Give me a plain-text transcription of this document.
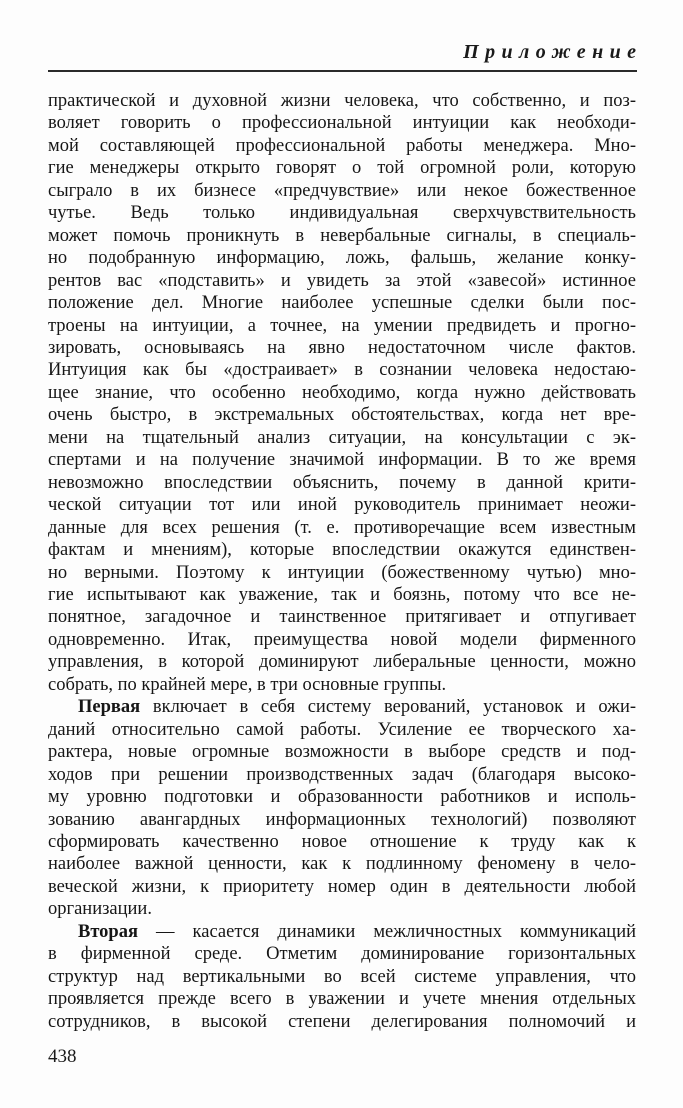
Приложение
практической и духовной жизни человека, что собственно, и поз-
воляет говорить о профессиональной интуиции как необходи-
мой составляющей профессиональной работы менеджера. Мно-
гие менеджеры открыто говорят о той огромной роли, которую
сыграло в их бизнесе «предчувствие» или некое божественное
чутье. Ведь только индивидуальная сверхчувствительность
может помочь проникнуть в невербальные сигналы, в специаль-
но подобранную информацию, ложь, фальшь, желание конку-
рентов вас «подставить» и увидеть за этой «завесой» истинное
положение дел. Многие наиболее успешные сделки были пос-
троены на интуиции, а точнее, на умении предвидеть и прогно-
зировать, основываясь на явно недостаточном числе фактов.
Интуиция как бы «достраивает» в сознании человека недостаю-
щее знание, что особенно необходимо, когда нужно действовать
очень быстро, в экстремальных обстоятельствах, когда нет вре-
мени на тщательный анализ ситуации, на консультации с эк-
спертами и на получение значимой информации. В то же время
невозможно впоследствии объяснить, почему в данной крити-
ческой ситуации тот или иной руководитель принимает неожи-
данные для всех решения (т. е. противоречащие всем известным
фактам и мнениям), которые впоследствии окажутся единствен-
но верными. Поэтому к интуиции (божественному чутью) мно-
гие испытывают как уважение, так и боязнь, потому что все не-
понятное, загадочное и таинственное притягивает и отпугивает
одновременно. Итак, преимущества новой модели фирменного
управления, в которой доминируют либеральные ценности, можно
собрать, по крайней мере, в три основные группы.
Первая включает в себя систему верований, установок и ожи-
даний относительно самой работы. Усиление ее творческого ха-
рактера, новые огромные возможности в выборе средств и под-
ходов при решении производственных задач (благодаря высоко-
му уровню подготовки и образованности работников и исполь-
зованию авангардных информационных технологий) позволяют
сформировать качественно новое отношение к труду как к
наиболее важной ценности, как к подлинному феномену в чело-
веческой жизни, к приоритету номер один в деятельности любой
организации.
Вторая — касается динамики межличностных коммуникаций
в фирменной среде. Отметим доминирование горизонтальных
структур над вертикальными во всей системе управления, что
проявляется прежде всего в уважении и учете мнения отдельных
сотрудников, в высокой степени делегирования полномочий и
438
